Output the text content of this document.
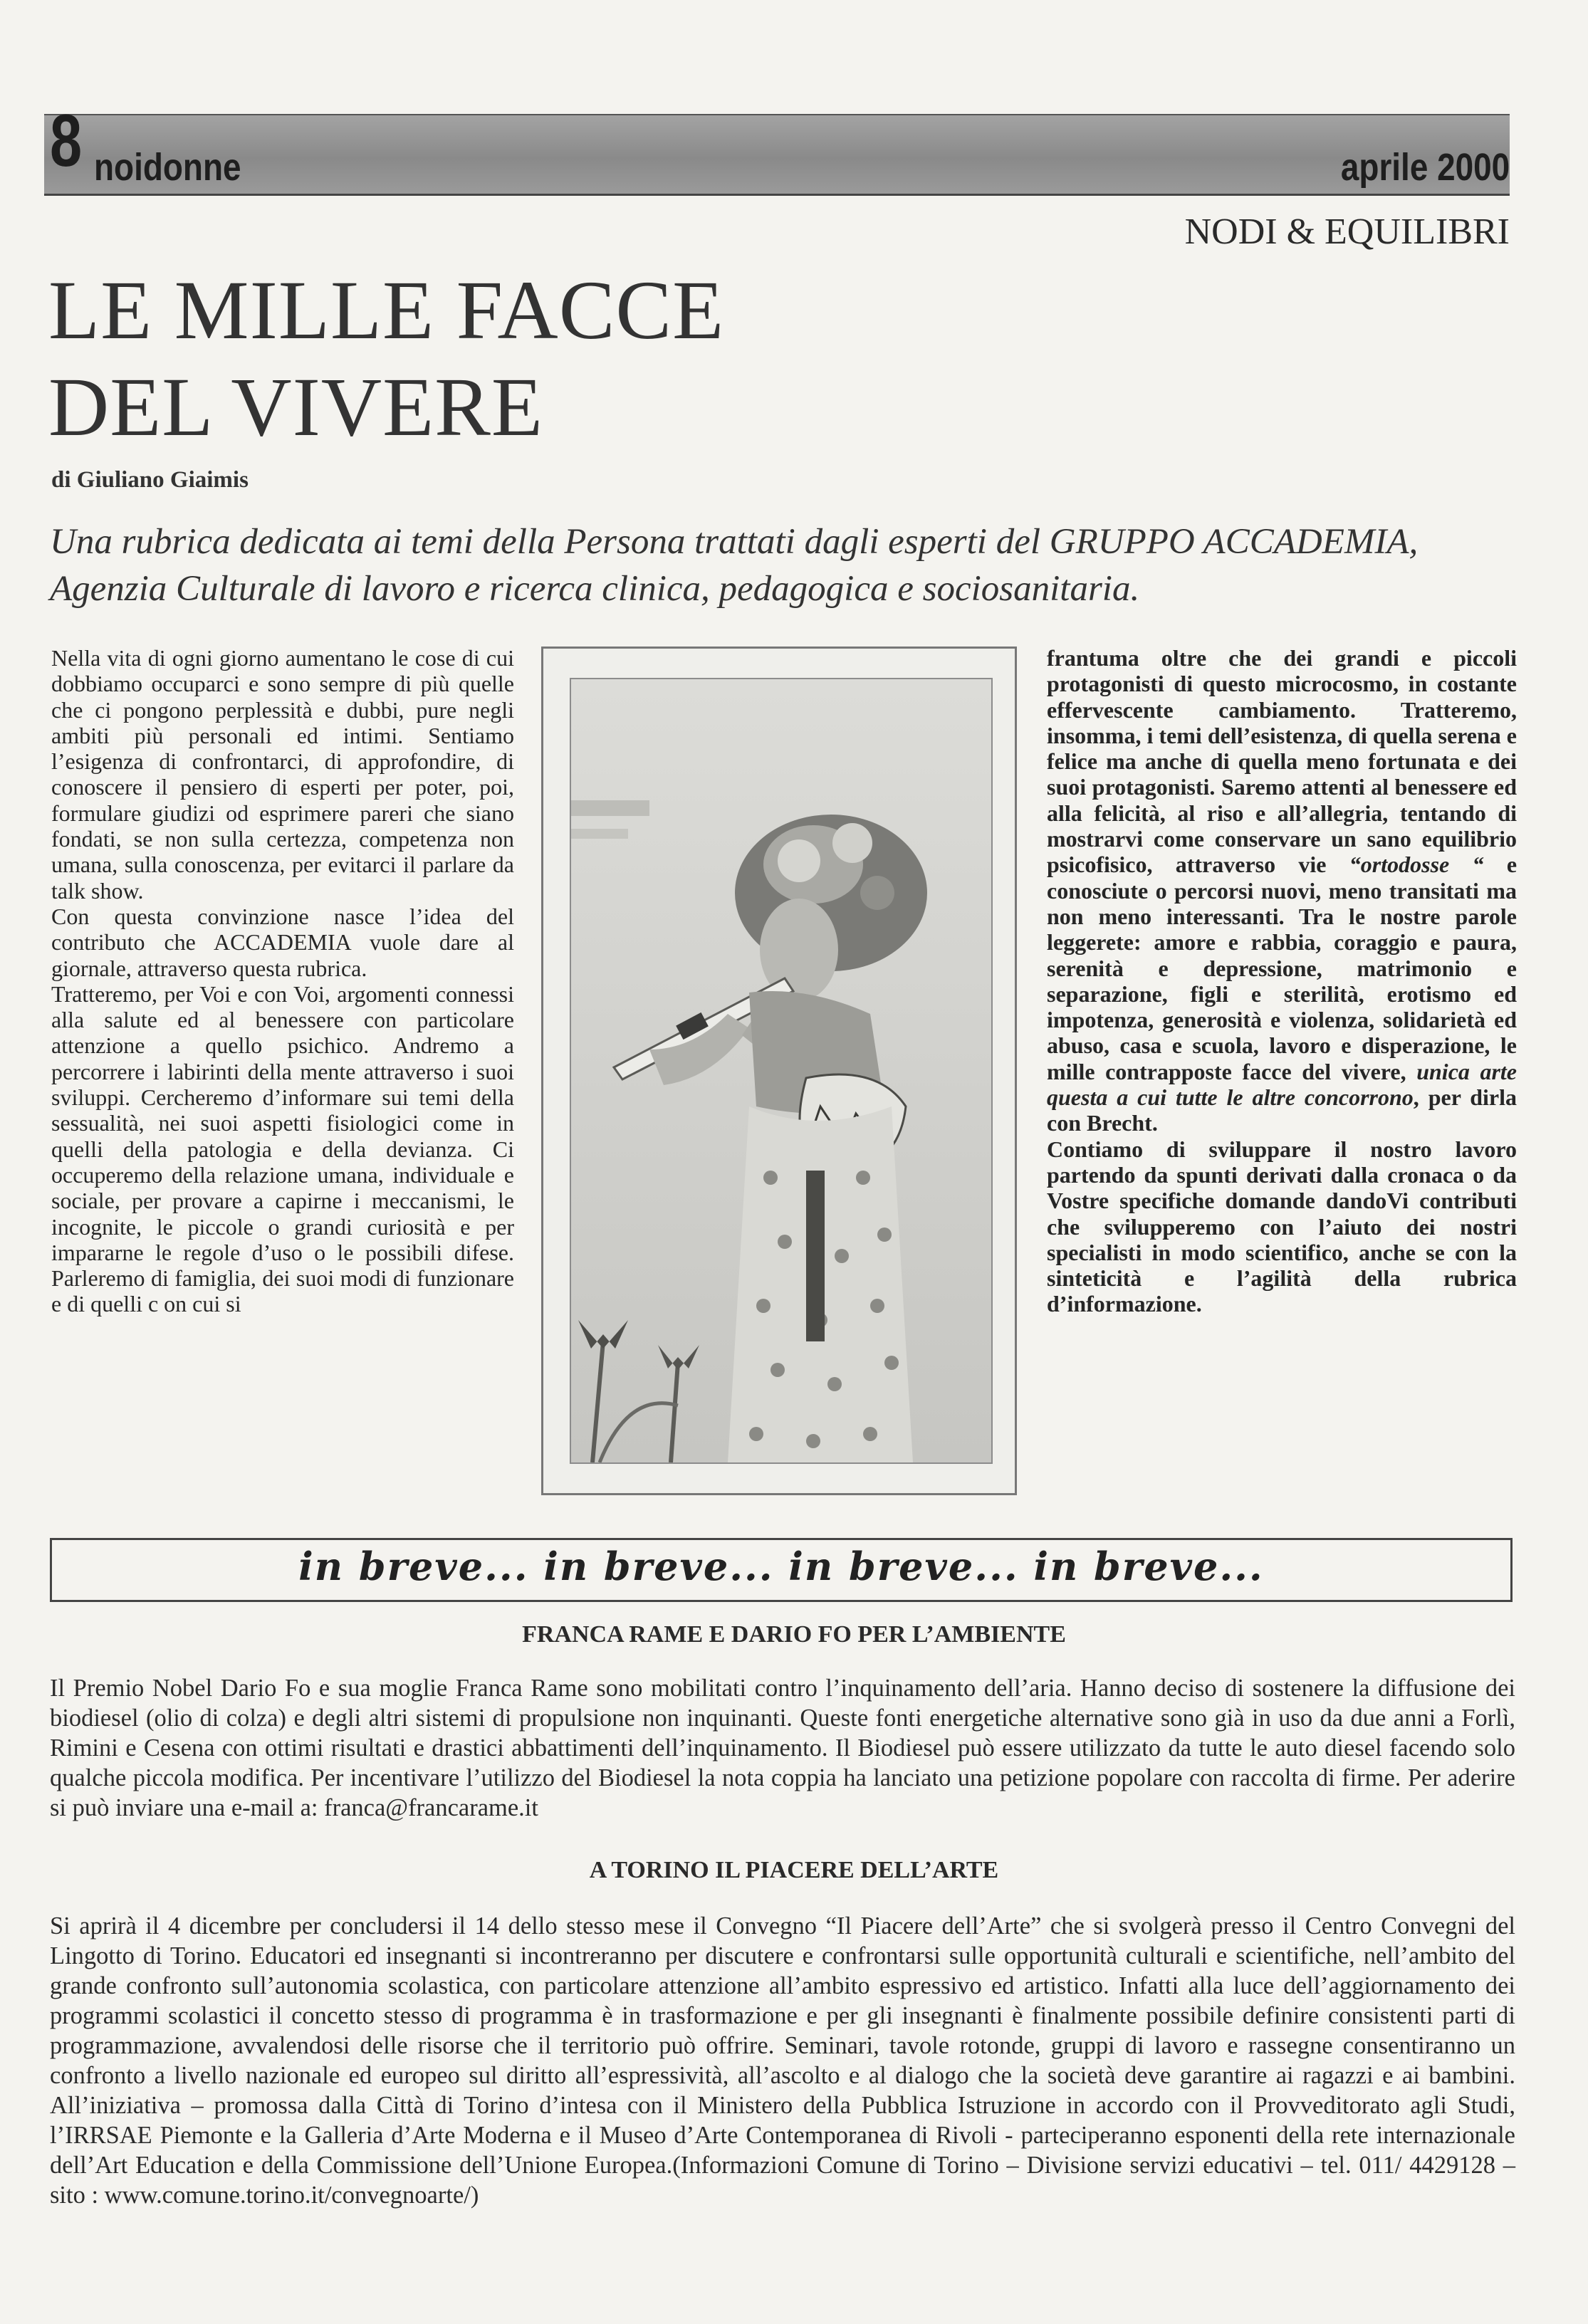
8 noidonne	aprile 2000
NODI & EQUILIBRI
LE MILLE FACCE
DEL VIVERE
di Giuliano Giaimis
Una rubrica dedicata ai temi della Persona trattati dagli esperti del GRUPPO ACCADEMIA, Agenzia Culturale di lavoro e ricerca clinica, pedagogica e sociosanitaria.

Nella vita di ogni giorno aumentano le cose di cui dobbiamo occuparci e sono sempre di più quelle che ci pongono perplessità e dubbi, pure negli ambiti più personali ed intimi. Sentiamo l’esigenza di confrontarci, di approfondire, di conoscere il pensiero di esperti per poter, poi, formulare giudizi od esprimere pareri che siano fondati, se non sulla certezza, competenza non umana, sulla conoscenza, per evitarci il parlare da talk show.

Con questa convinzione nasce l’idea del contributo che ACCADEMIA vuole dare al giornale, attraverso questa rubrica.

Tratteremo, per Voi e con Voi, argomenti connessi alla salute ed al benessere con particolare attenzione a quello psichico. Andremo a percorrere i labirinti della mente attraverso i suoi sviluppi. Cercheremo d’informare sui temi della sessualità, nei suoi aspetti fisiologici come in quelli della patologia e della devianza. Ci occuperemo della relazione umana, individuale e sociale, per provare a capirne i meccanismi, le incognite, le piccole o grandi curiosità e per impararne le regole d’uso o le possibili difese. Parleremo di famiglia, dei suoi modi di funzionare e di quelli c on cui si

frantuma oltre che dei grandi e piccoli protagonisti di questo microcosmo, in costante effervescente cambiamento. Tratteremo, insomma, i temi dell’esistenza, di quella serena e felice ma anche di quella meno fortunata e dei suoi protagonisti. Saremo attenti al benessere ed alla felicità, al riso e all’allegria, tentando di mostrarvi come conservare un sano equilibrio psicofisico, attraverso vie “ortodosse “ e conosciute o percorsi nuovi, meno transitati ma non meno interessanti. Tra le nostre parole leggerete: amore e rabbia, coraggio e paura, serenità e depressione, matrimonio e separazione, figli e sterilità, erotismo ed impotenza, generosità e violenza, solidarietà ed abuso, casa e scuola, lavoro e disperazione, le mille contrapposte facce del vivere, unica arte questa a cui tutte le altre concorrono, per dirla con Brecht.

Contiamo di sviluppare il nostro lavoro partendo da spunti derivati dalla cronaca o da Vostre specifiche domande dandoVi contributi che svilupperemo con l’aiuto dei nostri specialisti in modo scientifico, anche se con la sinteticità e l’agilità della rubrica d’informazione.

in breve... in breve... in breve... in breve...
FRANCA RAME E DARIO FO PER L’AMBIENTE

Il Premio Nobel Dario Fo e sua moglie Franca Rame sono mobilitati contro l’inquinamento dell’aria. Hanno deciso di sostenere la diffusione dei biodiesel (olio di colza) e degli altri sistemi di propulsione non inquinanti. Queste fonti energetiche alternative sono già in uso da due anni a Forlì, Rimini e Cesena con ottimi risultati e drastici abbattimenti dell’inquinamento. Il Biodiesel può essere utilizzato da tutte le auto diesel facendo solo qualche piccola modifica. Per incentivare l’utilizzo del Biodiesel la nota coppia ha lanciato una petizione popolare con raccolta di firme. Per aderire si può inviare una e-mail a: franca@francarame.it

A TORINO IL PIACERE DELL’ARTE

Si aprirà il 4 dicembre per concludersi il 14 dello stesso mese il Convegno “Il Piacere dell’Arte” che si svolgerà presso il Centro Convegni del Lingotto di Torino. Educatori ed insegnanti si incontreranno per discutere e confrontarsi sulle opportunità culturali e scientifiche, nell’ambito del grande confronto sull’autonomia scolastica, con particolare attenzione all’ambito espressivo ed artistico. Infatti alla luce dell’aggiornamento dei programmi scolastici il concetto stesso di programma è in trasformazione e per gli insegnanti è finalmente possibile definire consistenti parti di programmazione, avvalendosi delle risorse che il territorio può offrire. Seminari, tavole rotonde, gruppi di lavoro e rassegne consentiranno un confronto a livello nazionale ed europeo sul diritto all’espressività, all’ascolto e al dialogo che la società deve garantire ai ragazzi e ai bambini. All’iniziativa – promossa dalla Città di Torino d’intesa con il Ministero della Pubblica Istruzione in accordo con il Provveditorato agli Studi, l’IRRSAE Piemonte e la Galleria d’Arte Moderna e il Museo d’Arte Contemporanea di Rivoli - parteciperanno esponenti della rete internazionale dell’Art Education e della Commissione dell’Unione Europea.(Informazioni Comune di Torino – Divisione servizi educativi – tel. 011/ 4429128 – sito : www.comune.torino.it/convegnoarte/)
